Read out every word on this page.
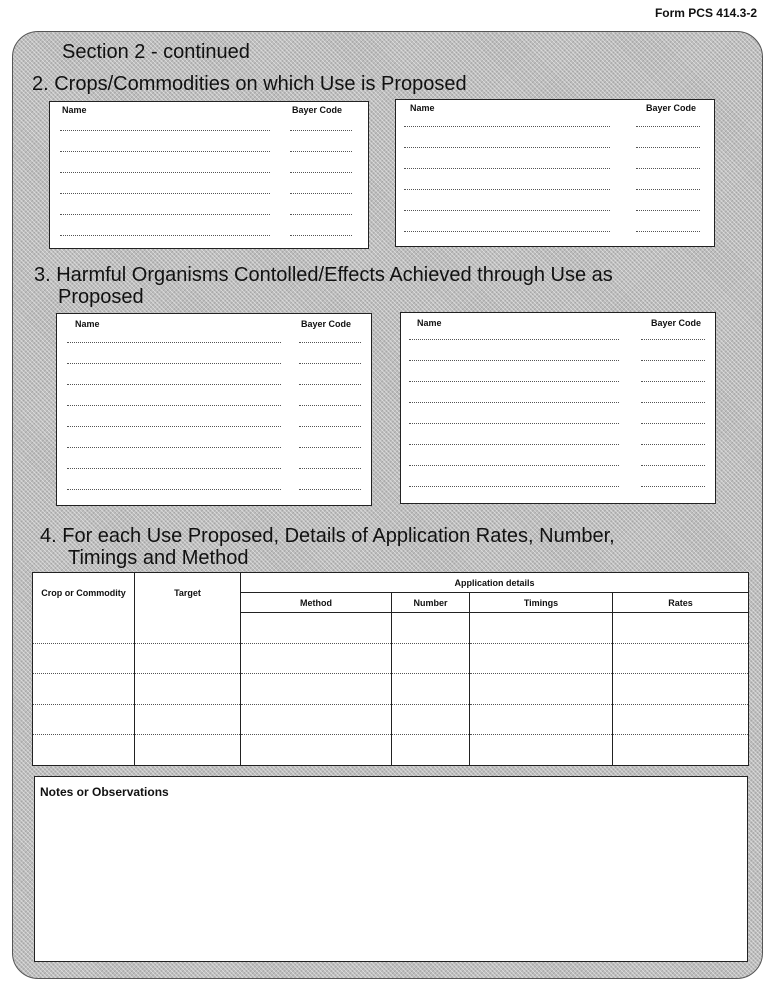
Form PCS 414.3-2
Section 2 - continued
2. Crops/Commodities on which Use is Proposed
Name	Bayer Code	Name	Bayer Code
3. Harmful Organisms Contolled/Effects Achieved through Use as
Proposed
Name	Bayer Code	Name	Bayer Code
4. For each Use Proposed, Details of Application Rates, Number,
Timings and Method
Crop or Commodity	Target	Application details			
		Method	Number	Timings	Rates

Notes or Observations
